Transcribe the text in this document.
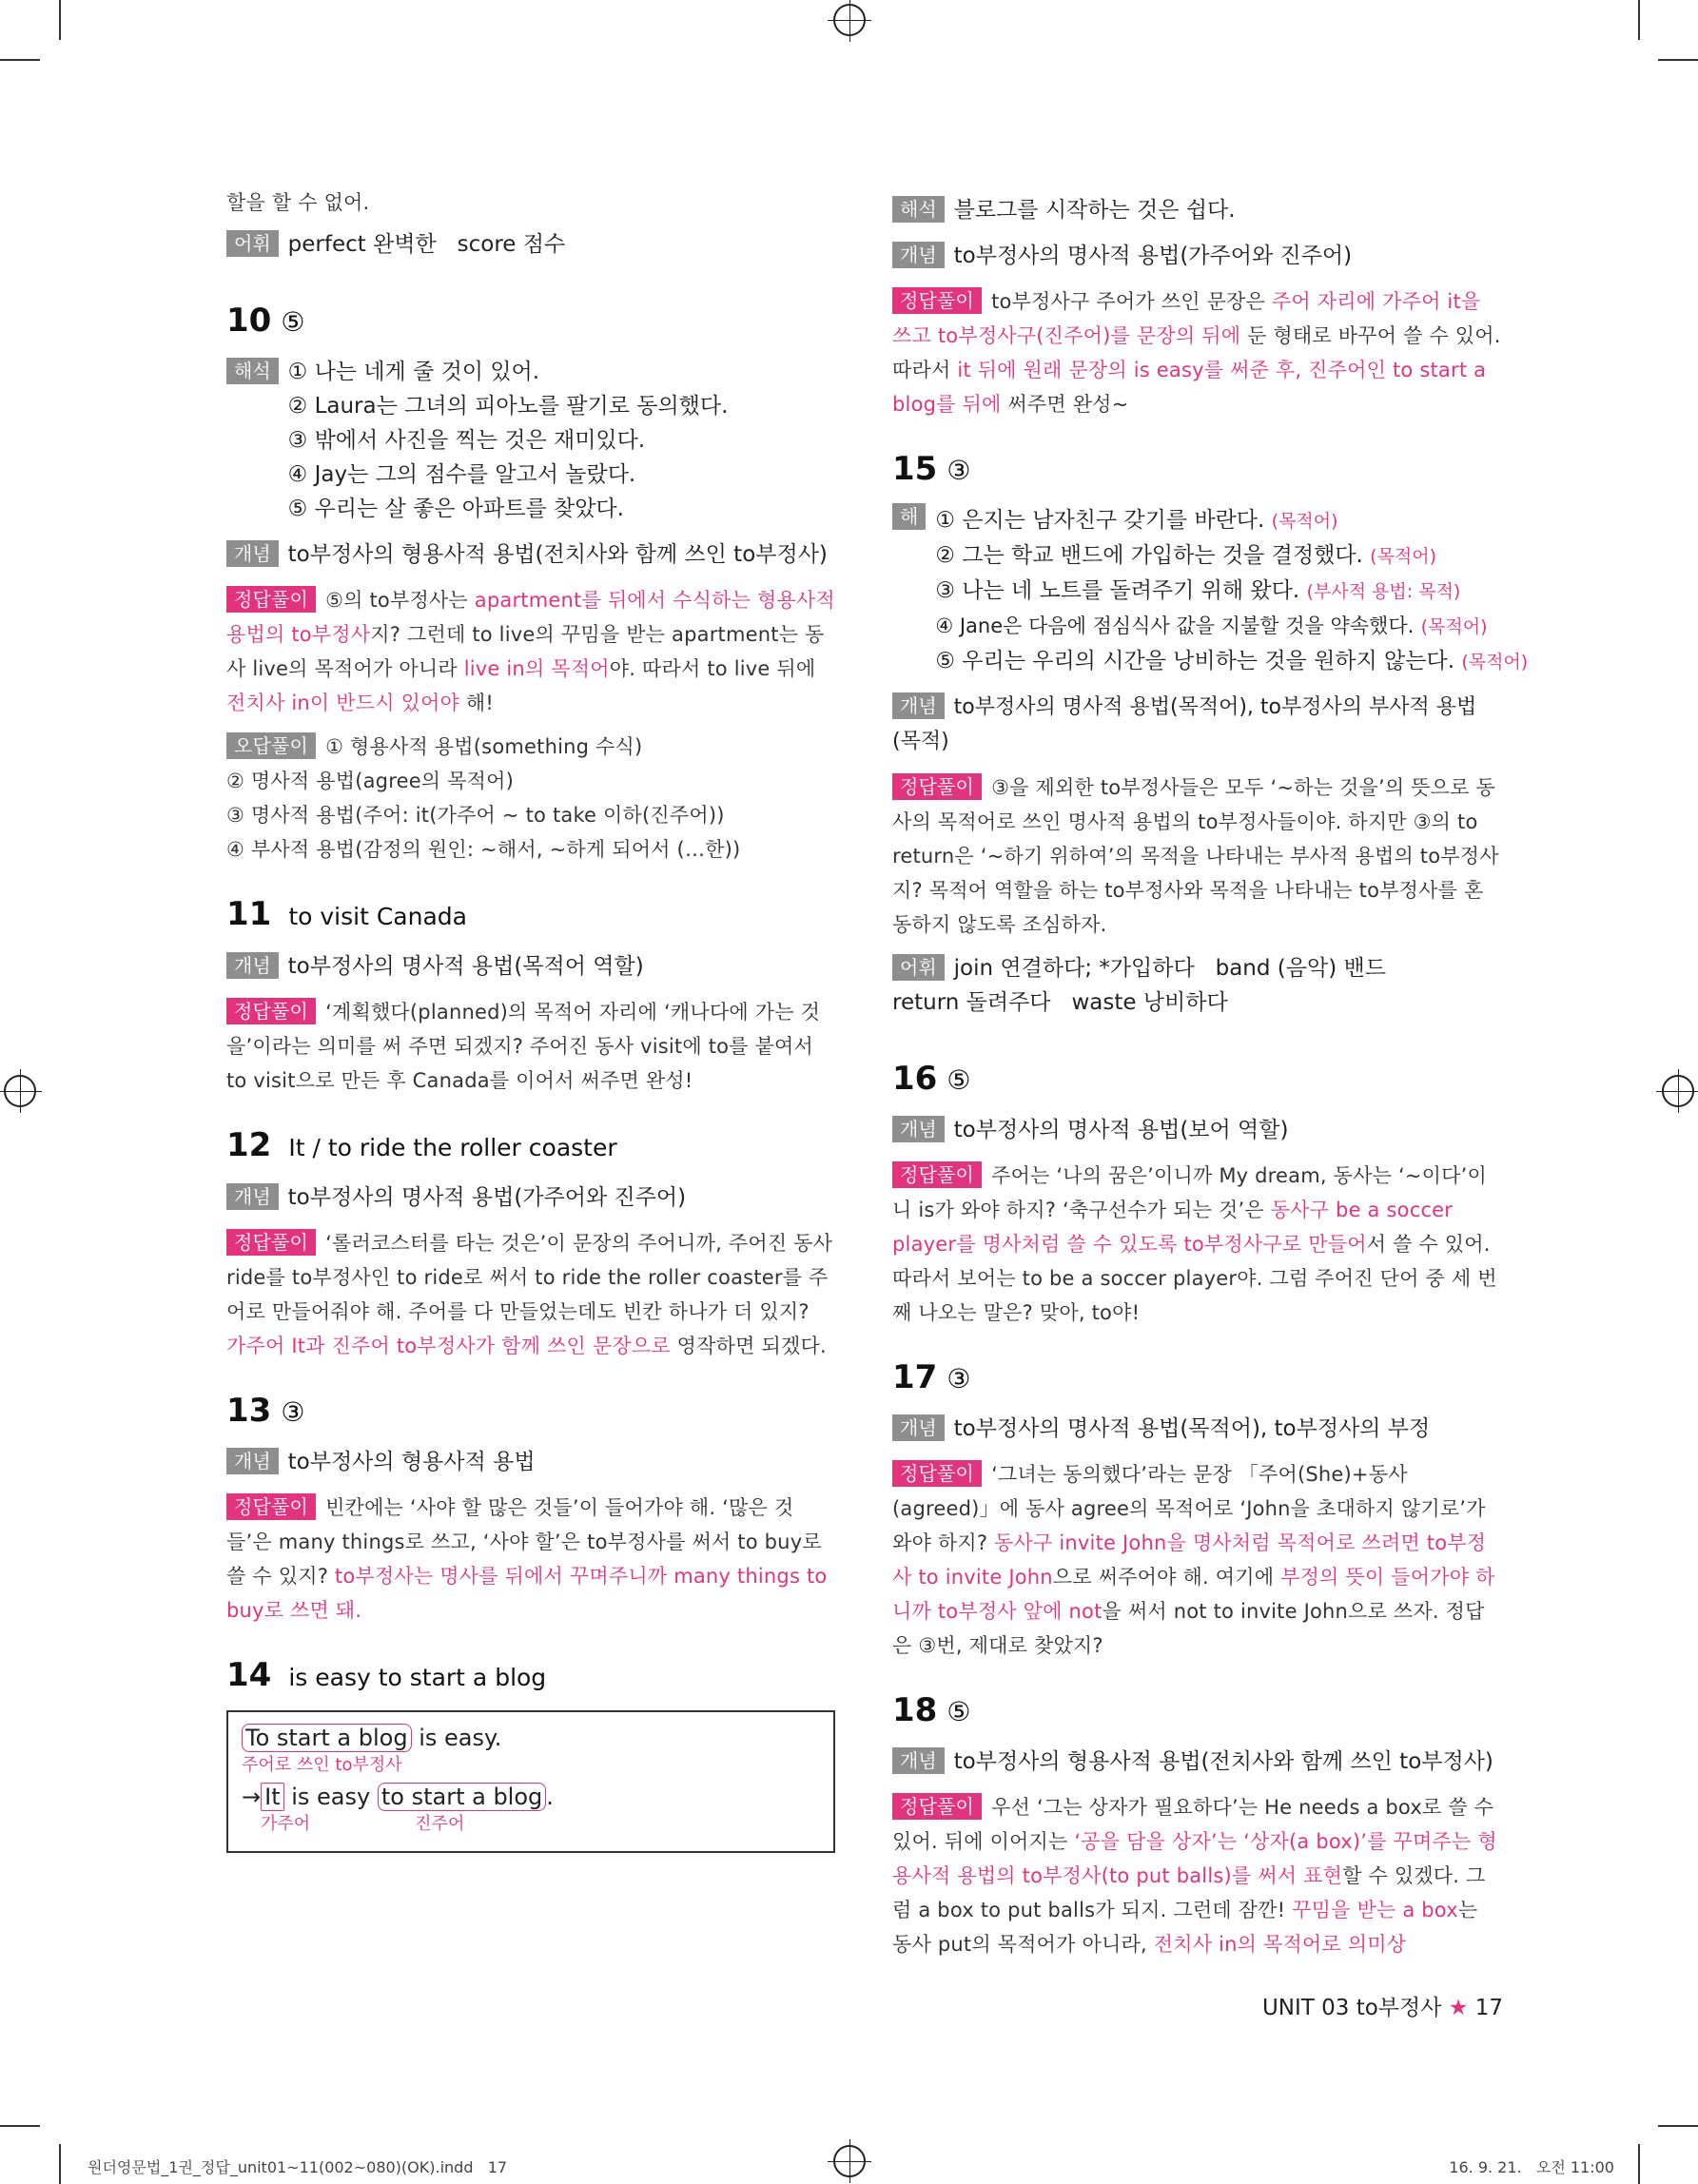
할을 할 수 없어.

어휘 perfect 완벽한   score 점수
10 ⑤
해석 ① 나는 네게 줄 것이 있어.
② Laura는 그녀의 피아노를 팔기로 동의했다.
③ 밖에서 사진을 찍는 것은 재미있다.
④ Jay는 그의 점수를 알고서 놀랐다.
⑤ 우리는 살 좋은 아파트를 찾았다.
개념 to부정사의 형용사적 용법(전치사와 함께 쓰인 to부정사)

정답풀이 ⑤의 to부정사는 apartment를 뒤에서 수식하는 형용사적 용법의 to부정사지? 그런데 to live의 꾸밈을 받는 apartment는 동사 live의 목적어가 아니라 live in의 목적어야. 따라서 to live 뒤에 전치사 in이 반드시 있어야 해!

오답풀이 ① 형용사적 용법(something 수식)
② 명사적 용법(agree의 목적어)
③ 명사적 용법(주어: it(가주어 ~ to take 이하(진주어))
④ 부사적 용법(감정의 원인: ~해서, ~하게 되어서 (…한))
11 to visit Canada
개념 to부정사의 명사적 용법(목적어 역할)

정답풀이 ‘계획했다(planned)의 목적어 자리에 ‘캐나다에 가는 것을’이라는 의미를 써 주면 되겠지? 주어진 동사 visit에 to를 붙여서 to visit으로 만든 후 Canada를 이어서 써주면 완성!

12 It / to ride the roller coaster
개념 to부정사의 명사적 용법(가주어와 진주어)

정답풀이 ‘롤러코스터를 타는 것은’이 문장의 주어니까, 주어진 동사 ride를 to부정사인 to ride로 써서 to ride the roller coaster를 주어로 만들어줘야 해. 주어를 다 만들었는데도 빈칸 하나가 더 있지? 가주어 It과 진주어 to부정사가 함께 쓰인 문장으로 영작하면 되겠다.

13 ③
개념 to부정사의 형용사적 용법

정답풀이 빈칸에는 ‘사야 할 많은 것들’이 들어가야 해. ‘많은 것들’은 many things로 쓰고, ‘사야 할’은 to부정사를 써서 to buy로 쓸 수 있지? to부정사는 명사를 뒤에서 꾸며주니까 many things to buy로 쓰면 돼.

14 is easy to start a blog
To start a blog is easy.
주어로 쓰인 to부정사
→ It is easy to start a blog .
가주어	진주어
해석 블로그를 시작하는 것은 쉽다.
개념 to부정사의 명사적 용법(가주어와 진주어)

정답풀이 to부정사구 주어가 쓰인 문장은 주어 자리에 가주어 it을 쓰고 to부정사구(진주어)를 문장의 뒤에 둔 형태로 바꾸어 쓸 수 있어. 따라서 it 뒤에 원래 문장의 is easy를 써준 후, 진주어인 to start a blog를 뒤에 써주면 완성~

15 ③
해석
① 은지는 남자친구 갖기를 바란다. (목적어)
② 그는 학교 밴드에 가입하는 것을 결정했다. (목적어)
③ 나는 네 노트를 돌려주기 위해 왔다. (부사적 용법: 목적)
④ Jane은 다음에 점심식사 값을 지불할 것을 약속했다. (목적어)
⑤ 우리는 우리의 시간을 낭비하는 것을 원하지 않는다. (목적어)
개념 to부정사의 명사적 용법(목적어), to부정사의 부사적 용법(목적)

정답풀이 ③을 제외한 to부정사들은 모두 ‘~하는 것을’의 뜻으로 동사의 목적어로 쓰인 명사적 용법의 to부정사들이야. 하지만 ③의 to return은 ‘~하기 위하여’의 목적을 나타내는 부사적 용법의 to부정사지? 목적어 역할을 하는 to부정사와 목적을 나타내는 to부정사를 혼동하지 않도록 조심하자.

어휘 join 연결하다; *가입하다   band (음악) 밴드
return 돌려주다   waste 낭비하다
16 ⑤
개념 to부정사의 명사적 용법(보어 역할)

정답풀이 주어는 ‘나의 꿈은’이니까 My dream, 동사는 ‘~이다’이니 is가 와야 하지? ‘축구선수가 되는 것’은 동사구 be a soccer player를 명사처럼 쓸 수 있도록 to부정사구로 만들어서 쓸 수 있어. 따라서 보어는 to be a soccer player야. 그럼 주어진 단어 중 세 번째 나오는 말은? 맞아, to야!

17 ③
개념 to부정사의 명사적 용법(목적어), to부정사의 부정

정답풀이 ‘그녀는 동의했다’라는 문장 「주어(She)+동사(agreed)」에 동사 agree의 목적어로 ‘John을 초대하지 않기로’가 와야 하지? 동사구 invite John을 명사처럼 목적어로 쓰려면 to부정사 to invite John으로 써주어야 해. 여기에 부정의 뜻이 들어가야 하니까 to부정사 앞에 not을 써서 not to invite John으로 쓰자. 정답은 ③번, 제대로 찾았지?

18 ⑤
개념 to부정사의 형용사적 용법(전치사와 함께 쓰인 to부정사)

정답풀이 우선 ‘그는 상자가 필요하다’는 He needs a box로 쓸 수 있어. 뒤에 이어지는 ‘공을 담을 상자’는 ‘상자(a box)’를 꾸며주는 형용사적 용법의 to부정사(to put balls)를 써서 표현할 수 있겠다. 그럼 a box to put balls가 되지. 그런데 잠깐! 꾸밈을 받는 a box는 동사 put의 목적어가 아니라, 전치사 in의 목적어로 의미상

UNIT 03 to부정사 ★ 17
원더영문법_1권_정답_unit01~11(002~080)(OK).indd   17	16. 9. 21.   오전 11:00
